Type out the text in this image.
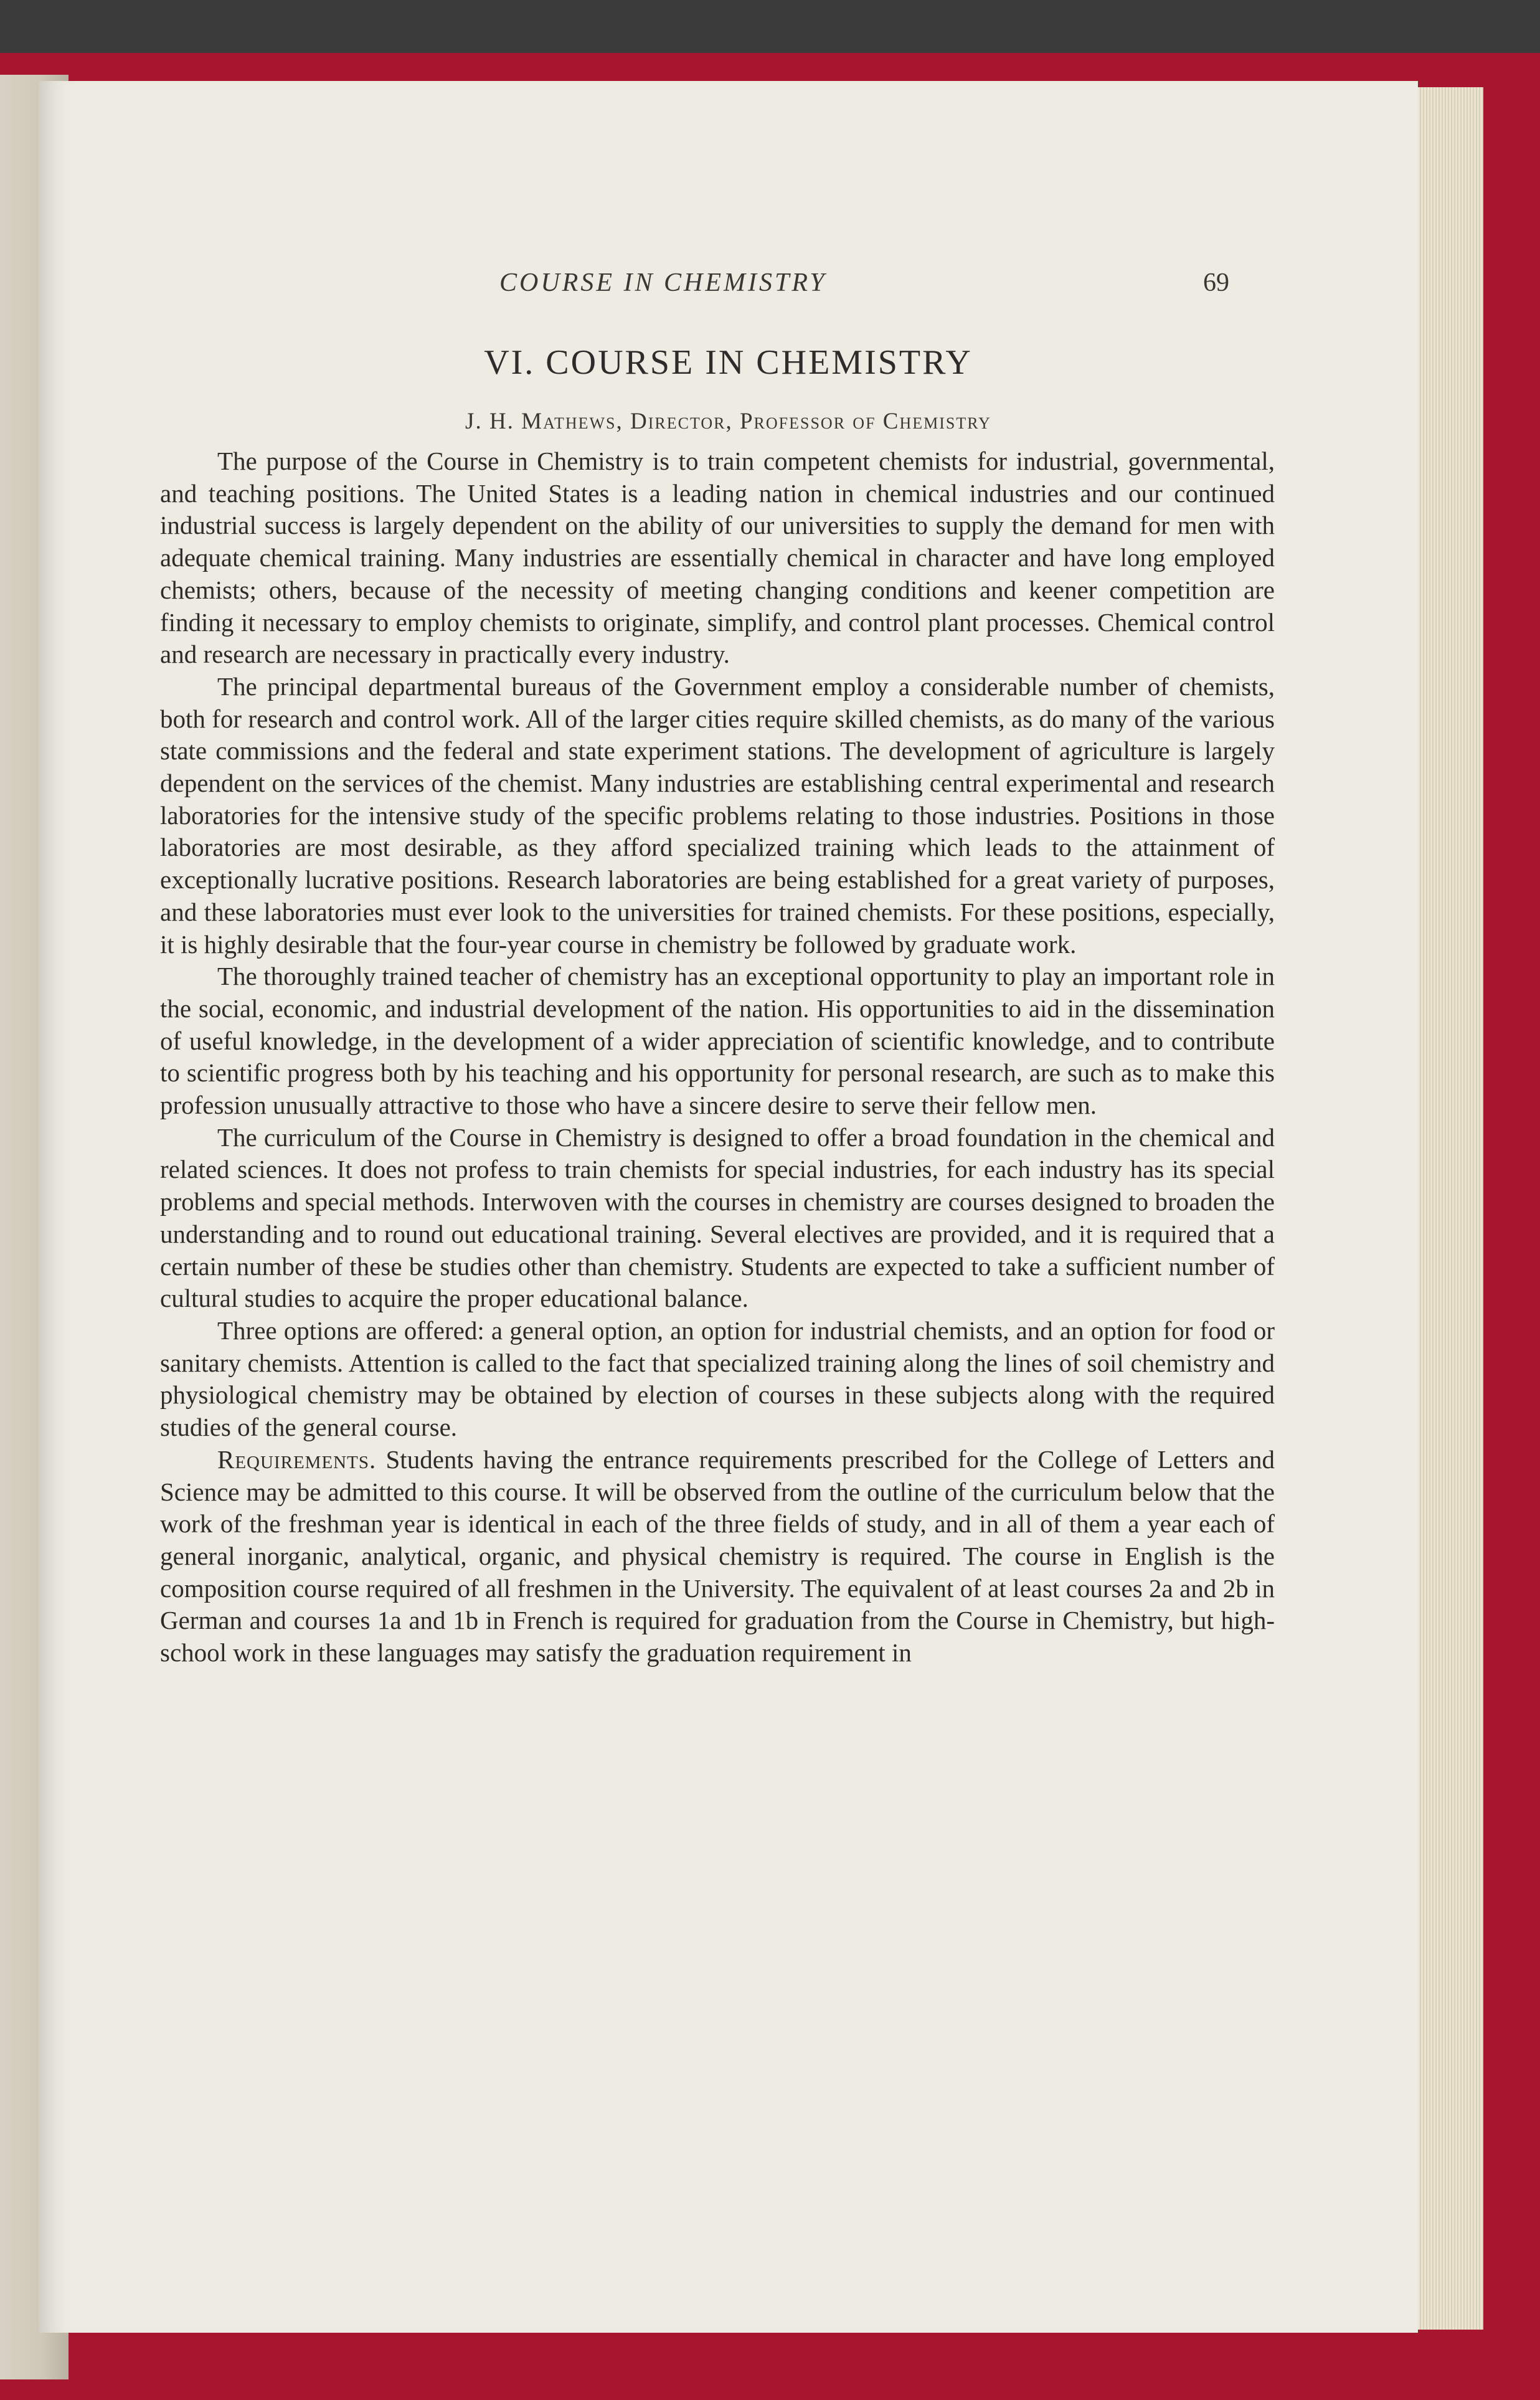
COURSE IN CHEMISTRY	69
VI. COURSE IN CHEMISTRY
J. H. Mathews, Director, Professor of Chemistry

The purpose of the Course in Chemistry is to train competent chemists for industrial, governmental, and teaching positions. The United States is a leading nation in chemical industries and our continued industrial success is largely dependent on the ability of our universities to supply the demand for men with adequate chemical training. Many industries are essentially chemical in character and have long employed chemists; others, because of the necessity of meeting changing conditions and keener competition are finding it necessary to employ chemists to originate, simplify, and control plant processes. Chemical control and research are necessary in practically every industry.

The principal departmental bureaus of the Government employ a considerable number of chemists, both for research and control work. All of the larger cities require skilled chemists, as do many of the various state commissions and the federal and state experiment stations. The development of agriculture is largely dependent on the services of the chemist. Many industries are establishing central experimental and research laboratories for the intensive study of the specific problems relating to those industries. Positions in those laboratories are most desirable, as they afford specialized training which leads to the attainment of exceptionally lucrative positions. Research laboratories are being established for a great variety of purposes, and these laboratories must ever look to the universities for trained chemists. For these positions, especially, it is highly desirable that the four-year course in chemistry be followed by graduate work.

The thoroughly trained teacher of chemistry has an exceptional opportunity to play an important role in the social, economic, and industrial development of the nation. His opportunities to aid in the dissemination of useful knowledge, in the development of a wider appreciation of scientific knowledge, and to contribute to scientific progress both by his teaching and his opportunity for personal research, are such as to make this profession unusually attractive to those who have a sincere desire to serve their fellow men.

The curriculum of the Course in Chemistry is designed to offer a broad foundation in the chemical and related sciences. It does not profess to train chemists for special industries, for each industry has its special problems and special methods. Interwoven with the courses in chemistry are courses designed to broaden the understanding and to round out educational training. Several electives are provided, and it is required that a certain number of these be studies other than chemistry. Students are expected to take a sufficient number of cultural studies to acquire the proper educational balance.

Three options are offered: a general option, an option for industrial chemists, and an option for food or sanitary chemists. Attention is called to the fact that specialized training along the lines of soil chemistry and physiological chemistry may be obtained by election of courses in these subjects along with the required studies of the general course.

Requirements. Students having the entrance requirements prescribed for the College of Letters and Science may be admitted to this course. It will be observed from the outline of the curriculum below that the work of the freshman year is identical in each of the three fields of study, and in all of them a year each of general inorganic, analytical, organic, and physical chemistry is required. The course in English is the composition course required of all freshmen in the University. The equivalent of at least courses 2a and 2b in German and courses 1a and 1b in French is required for graduation from the Course in Chemistry, but high-school work in these languages may satisfy the graduation requirement in
